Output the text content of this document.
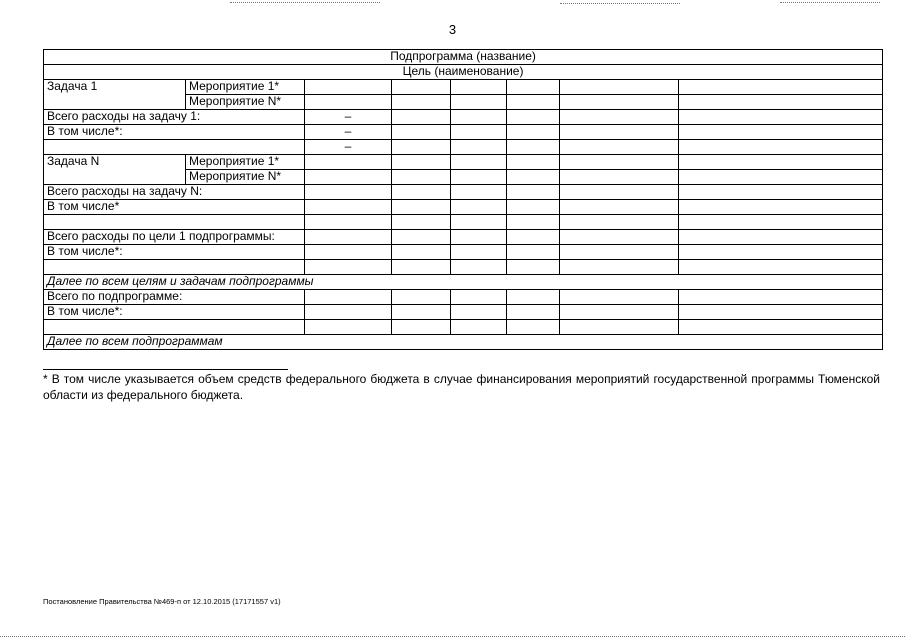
3
Подпрограмма (название)							
Цель (наименование)							
Задача 1	Мероприятие 1*						
	Мероприятие N*						
Всего расходы на задачу 1:		–					
В том числе*:		–					
		–					
Задача N	Мероприятие 1*						
	Мероприятие N*						
Всего расходы на задачу N:							
В том числе*							

Всего расходы по цели 1 подпрограммы:							
В том числе*:							

Далее по всем целям и задачам подпрограммы							
Всего по подпрограмме:							
В том числе*:							

Далее по всем подпрограммам							
* В том числе указывается объем средств федерального бюджета в случае финансирования мероприятий государственной программы Тюменской области из федерального бюджета.
Постановление Правительства №469-п от 12.10.2015 (17171557 v1)
